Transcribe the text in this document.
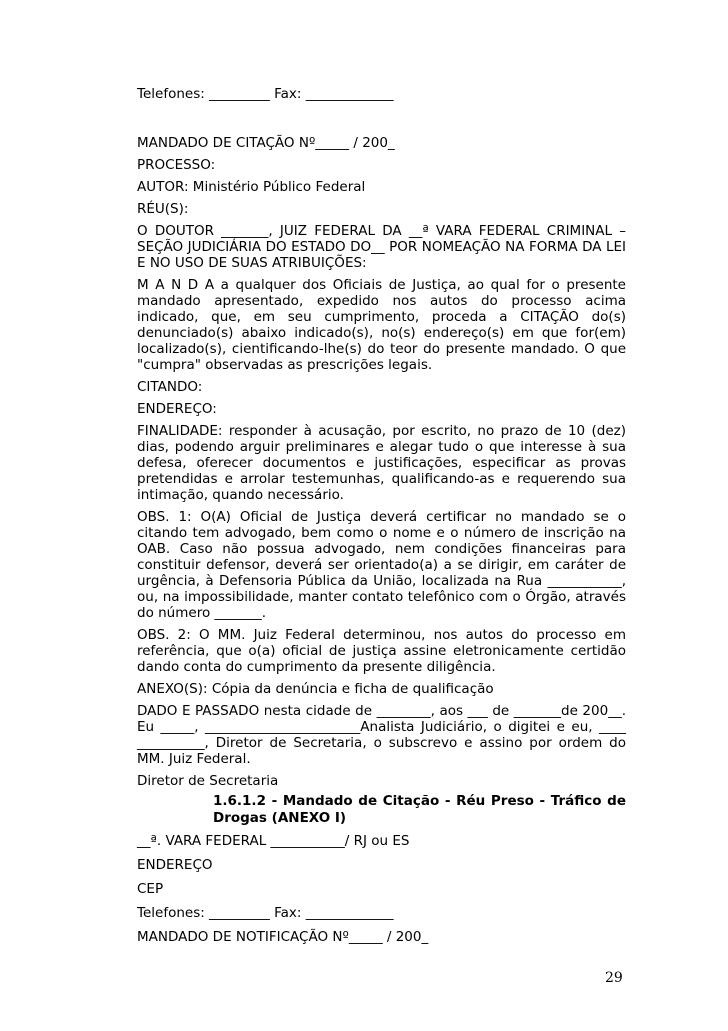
Telefones: _________ Fax: _____________

MANDADO DE CITAÇÃO Nº_____ / 200_

PROCESSO:

AUTOR: Ministério Público Federal

RÉU(S):

O DOUTOR _______, JUIZ FEDERAL DA __ª VARA FEDERAL CRIMINAL – SEÇÃO JUDICIÁRIA DO ESTADO DO__ POR NOMEAÇÃO NA FORMA DA LEI E NO USO DE SUAS ATRIBUIÇÕES:

M A N D A a qualquer dos Oficiais de Justiça, ao qual for o presente mandado apresentado, expedido nos autos do processo acima indicado, que, em seu cumprimento, proceda a CITAÇÃO do(s) denunciado(s) abaixo indicado(s), no(s) endereço(s) em que for(em) localizado(s), cientificando-lhe(s) do teor do presente mandado. O que "cumpra" observadas as prescrições legais.

CITANDO:

ENDEREÇO:

FINALIDADE: responder à acusação, por escrito, no prazo de 10 (dez) dias, podendo arguir preliminares e alegar tudo o que interesse à sua defesa, oferecer documentos e justificações, especificar as provas pretendidas e arrolar testemunhas, qualificando-as e requerendo sua intimação, quando necessário.

OBS. 1: O(A) Oficial de Justiça deverá certificar no mandado se o citando tem advogado, bem como o nome e o número de inscrição na OAB. Caso não possua advogado, nem condições financeiras para constituir defensor, deverá ser orientado(a) a se dirigir, em caráter de urgência, à Defensoria Pública da União, localizada na Rua ___________, ou, na impossibilidade, manter contato telefônico com o Órgão, através do número _______.

OBS. 2: O MM. Juiz Federal determinou, nos autos do processo em referência, que o(a) oficial de justiça assine eletronicamente certidão dando conta do cumprimento da presente diligência.

ANEXO(S): Cópia da denúncia e ficha de qualificação

DADO E PASSADO nesta cidade de ________, aos ___ de _______de 200__. Eu _____, _______________________Analista Judiciário, o digitei e eu, ____ __________, Diretor de Secretaria, o subscrevo e assino por ordem do MM. Juiz Federal.

Diretor de Secretaria

1.6.1.2 - Mandado de Citação - Réu Preso - Tráfico de Drogas (ANEXO I)

__ª. VARA FEDERAL ___________/ RJ ou ES

ENDEREÇO

CEP

Telefones: _________ Fax: _____________

MANDADO DE NOTIFICAÇÃO Nº_____ / 200_

29
